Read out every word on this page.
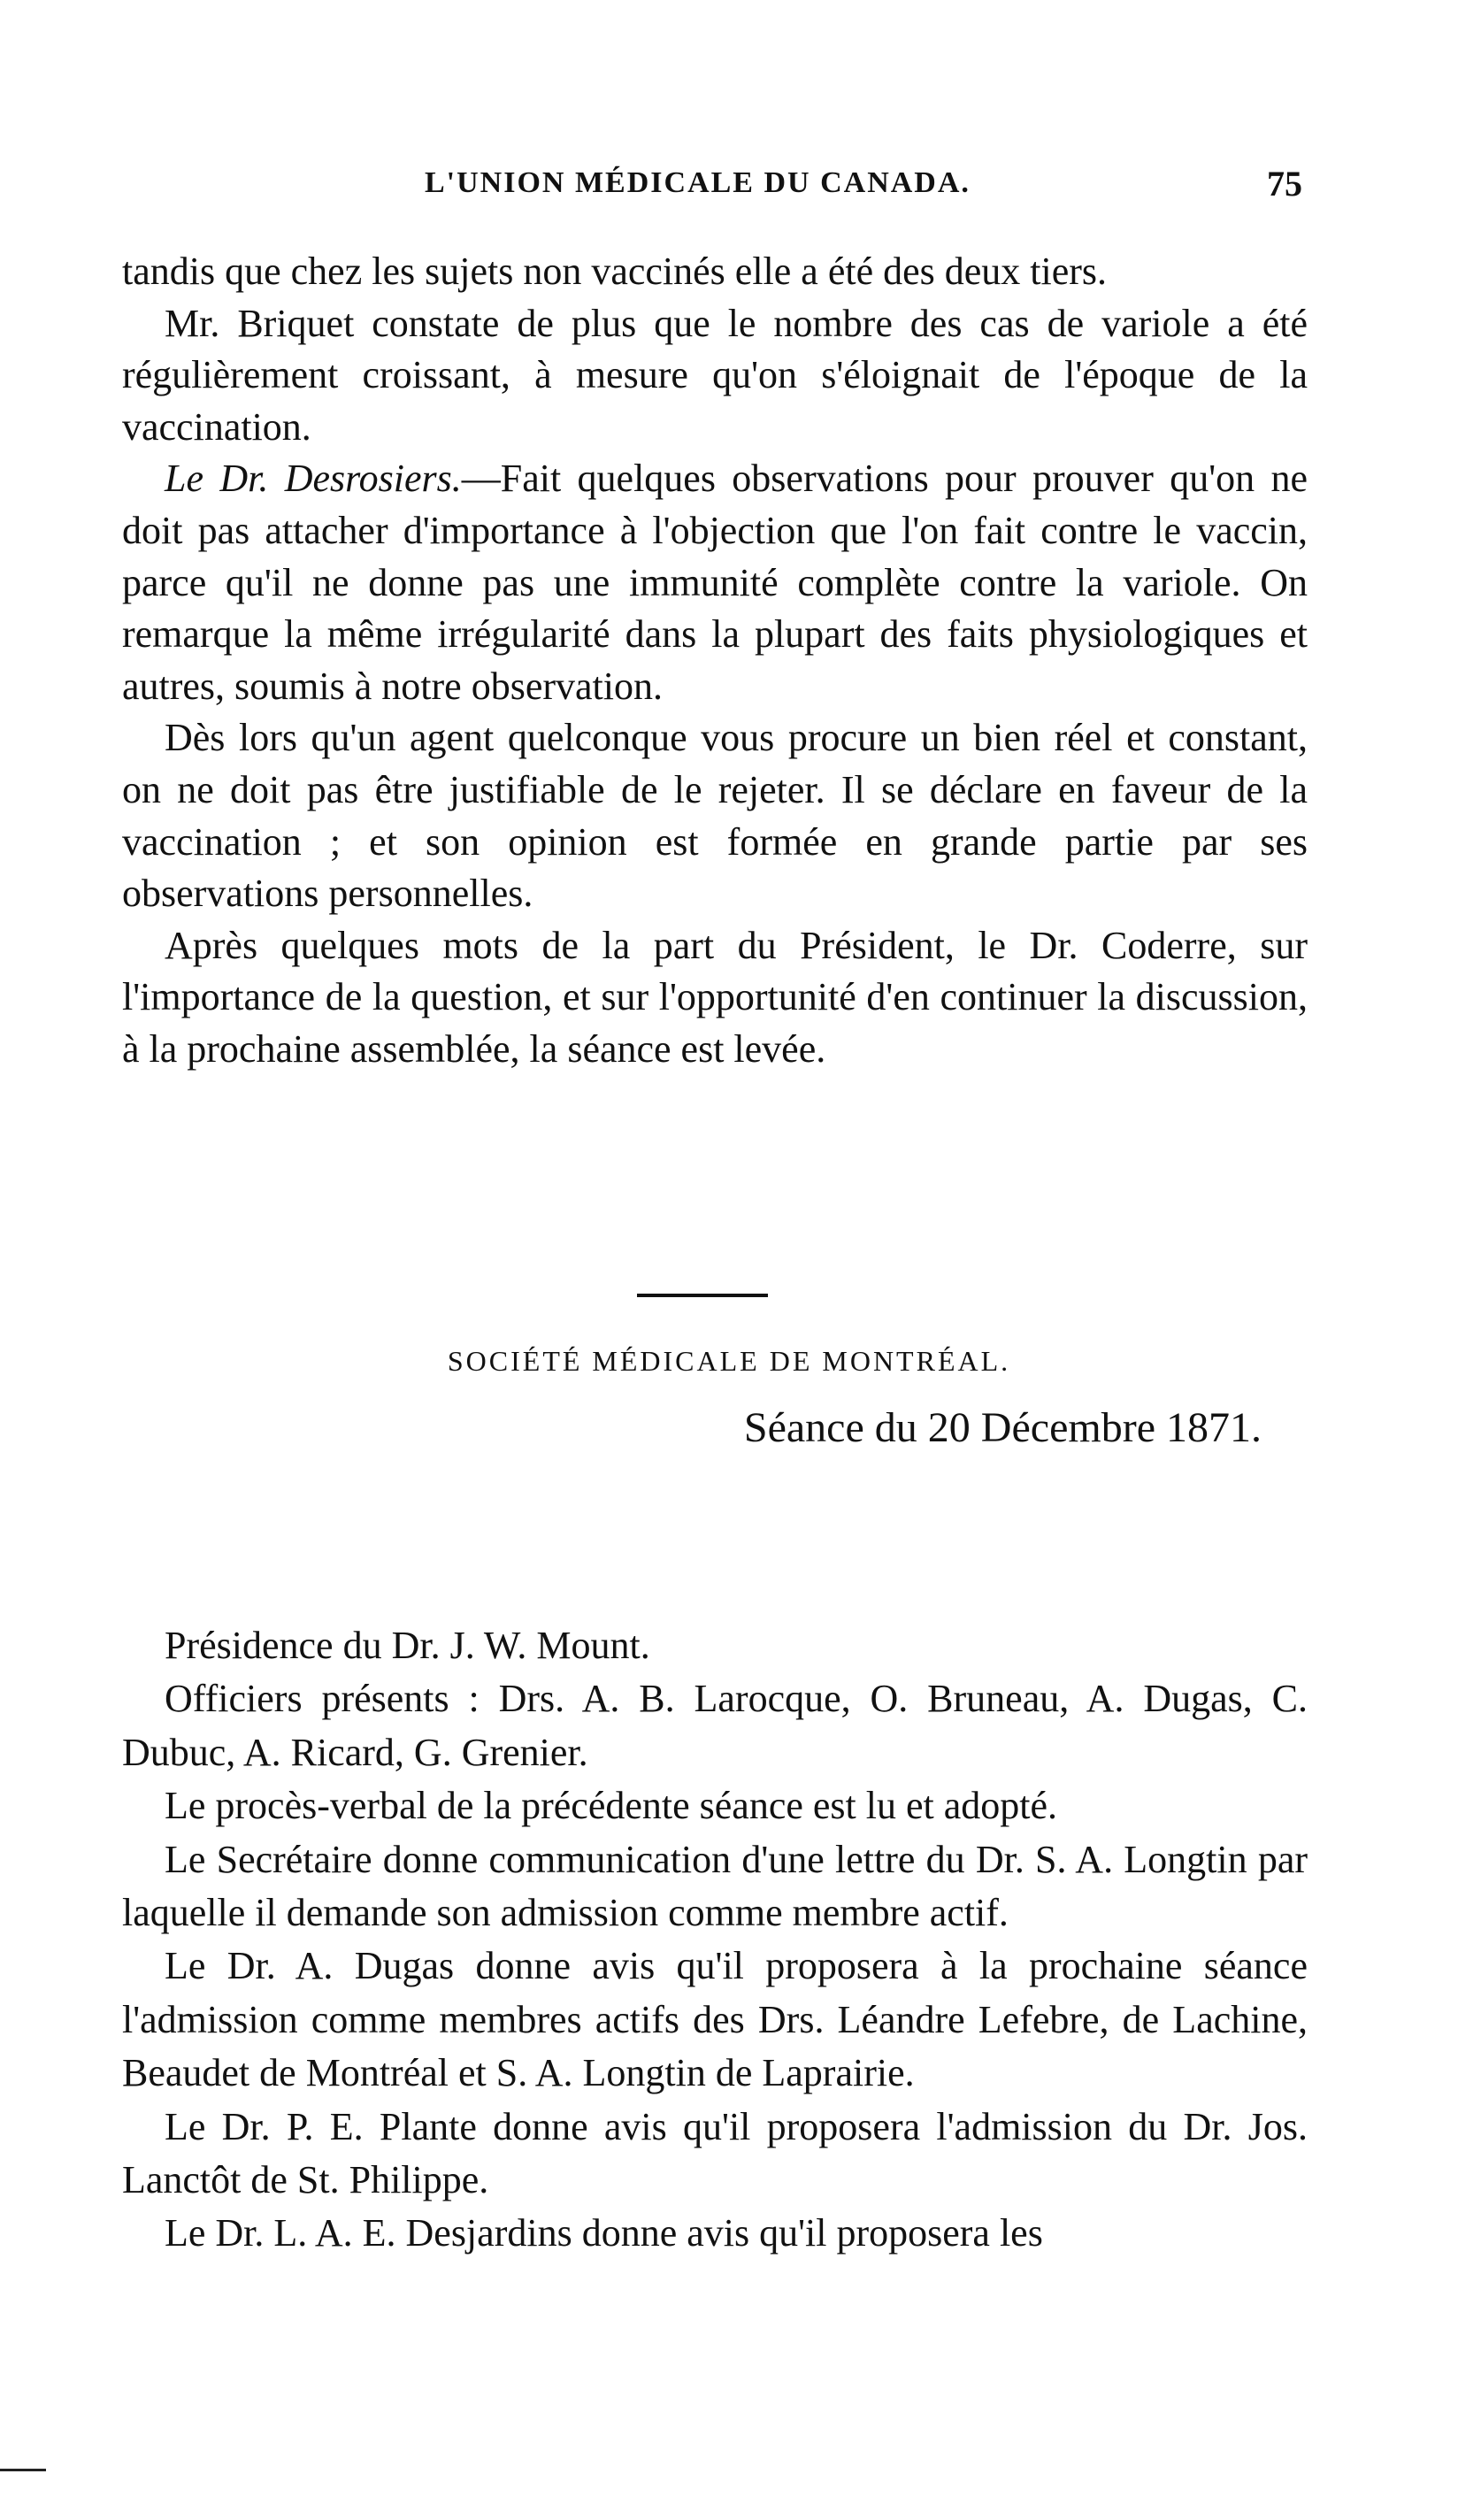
L'UNION MÉDICALE DU CANADA.	75

tandis que chez les sujets non vaccinés elle a été des deux tiers.

Mr. Briquet constate de plus que le nombre des cas de variole a été régulièrement croissant, à mesure qu'on s'éloignait de l'époque de la vaccination.

Le Dr. Desrosiers.—Fait quelques observations pour prouver qu'on ne doit pas attacher d'importance à l'objection que l'on fait contre le vaccin, parce qu'il ne donne pas une immunité complète contre la variole. On remarque la même irrégularité dans la plupart des faits physiologiques et autres, soumis à notre observation.

Dès lors qu'un agent quelconque vous procure un bien réel et constant, on ne doit pas être justifiable de le rejeter. Il se déclare en faveur de la vaccination ; et son opinion est formée en grande partie par ses observations personnelles.

Après quelques mots de la part du Président, le Dr. Coderre, sur l'importance de la question, et sur l'opportunité d'en continuer la discussion, à la prochaine assemblée, la séance est levée.

SOCIÉTÉ MÉDICALE DE MONTRÉAL.
Séance du 20 Décembre 1871.

Présidence du Dr. J. W. Mount.

Officiers présents : Drs. A. B. Larocque, O. Bruneau, A. Dugas, C. Dubuc, A. Ricard, G. Grenier.

Le procès-verbal de la précédente séance est lu et adopté.

Le Secrétaire donne communication d'une lettre du Dr. S. A. Longtin par laquelle il demande son admission comme membre actif.

Le Dr. A. Dugas donne avis qu'il proposera à la prochaine séance l'admission comme membres actifs des Drs. Léandre Lefebre, de Lachine, Beaudet de Montréal et S. A. Longtin de Laprairie.

Le Dr. P. E. Plante donne avis qu'il proposera l'admission du Dr. Jos. Lanctôt de St. Philippe.

Le Dr. L. A. E. Desjardins donne avis qu'il proposera les
